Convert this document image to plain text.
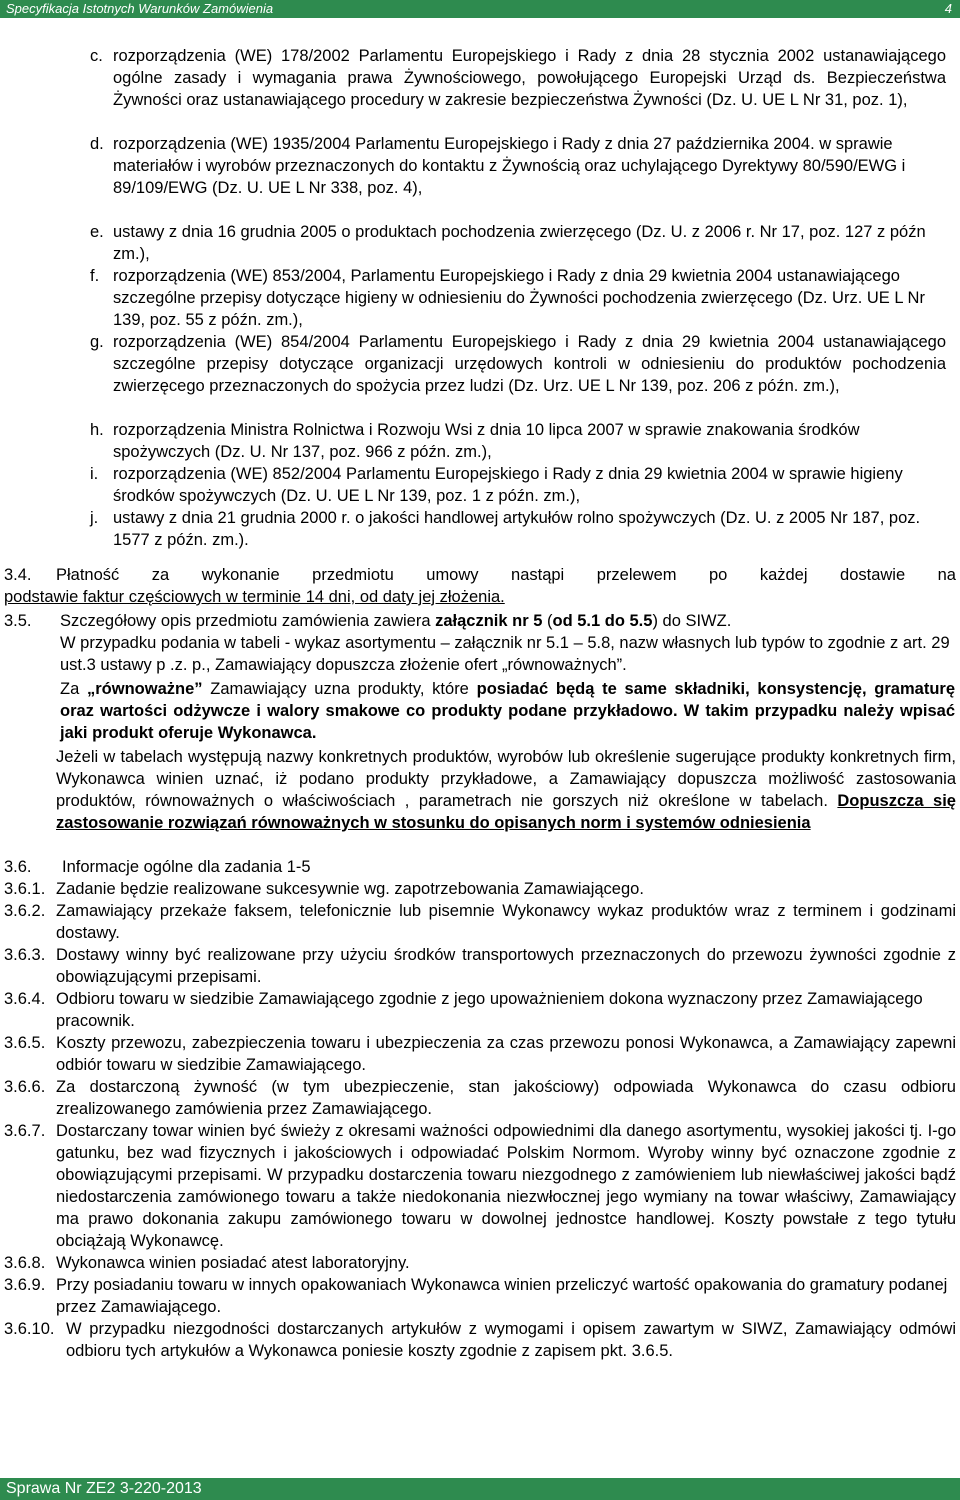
Specyfikacja Istotnych Warunków Zamówienia	4
c. rozporządzenia (WE) 178/2002 Parlamentu Europejskiego i Rady z dnia 28 stycznia 2002 ustanawiającego ogólne zasady i wymagania prawa Żywnościowego, powołującego Europejski Urząd ds. Bezpieczeństwa Żywności oraz ustanawiającego procedury w zakresie bezpieczeństwa Żywności (Dz. U. UE L Nr 31, poz. 1),
d. rozporządzenia (WE) 1935/2004 Parlamentu Europejskiego i Rady z dnia 27 października 2004. w sprawie materiałów i wyrobów przeznaczonych do kontaktu z Żywnością oraz uchylającego Dyrektywy 80/590/EWG i 89/109/EWG (Dz. U. UE L Nr 338, poz. 4),
e. ustawy z dnia 16 grudnia 2005 o produktach pochodzenia zwierzęcego (Dz. U. z 2006 r. Nr 17, poz. 127 z późn zm.),
f. rozporządzenia (WE) 853/2004, Parlamentu Europejskiego i Rady z dnia 29 kwietnia 2004 ustanawiającego szczególne przepisy dotyczące higieny w odniesieniu do Żywności pochodzenia zwierzęcego (Dz. Urz. UE L Nr 139, poz. 55 z późn. zm.),
g. rozporządzenia (WE) 854/2004 Parlamentu Europejskiego i Rady z dnia 29 kwietnia 2004 ustanawiającego szczególne przepisy dotyczące organizacji urzędowych kontroli w odniesieniu do produktów pochodzenia zwierzęcego przeznaczonych do spożycia przez ludzi (Dz. Urz. UE L Nr 139, poz. 206 z późn. zm.),
h. rozporządzenia Ministra Rolnictwa i Rozwoju Wsi z dnia 10 lipca 2007 w sprawie znakowania środków spożywczych (Dz. U. Nr 137, poz. 966 z późn. zm.),
i. rozporządzenia (WE) 852/2004 Parlamentu Europejskiego i Rady z dnia 29 kwietnia 2004 w sprawie higieny środków spożywczych (Dz. U. UE L Nr 139, poz. 1 z późn. zm.),
j. ustawy z dnia 21 grudnia 2000 r. o jakości handlowej artykułów rolno spożywczych (Dz. U. z 2005 Nr 187, poz. 1577 z późn. zm.).
3.4. Płatność za wykonanie przedmiotu umowy nastąpi przelewem po każdej dostawie na
podstawie faktur częściowych w terminie 14 dni, od daty jej złożenia.
3.5. Szczegółowy opis przedmiotu zamówienia zawiera załącznik nr 5 (od 5.1 do 5.5) do SIWZ.
W przypadku podania w tabeli - wykaz asortymentu – załącznik nr 5.1 – 5.8, nazw własnych lub typów to zgodnie z art. 29 ust.3 ustawy p .z. p., Zamawiający dopuszcza złożenie ofert „równoważnych”.
Za „równoważne” Zamawiający uzna produkty, które posiadać będą te same składniki, konsystencję, gramaturę oraz wartości odżywcze i walory smakowe co produkty podane przykładowo. W takim przypadku należy wpisać jaki produkt oferuje Wykonawca.
Jeżeli w tabelach występują nazwy konkretnych produktów, wyrobów lub określenie sugerujące produkty konkretnych firm, Wykonawca winien uznać, iż podano produkty przykładowe, a Zamawiający dopuszcza możliwość zastosowania produktów, równoważnych o właściwościach , parametrach nie gorszych niż określone w tabelach. Dopuszcza się zastosowanie rozwiązań równoważnych w stosunku do opisanych norm i systemów odniesienia
3.6. Informacje ogólne dla zadania 1-5
3.6.1. Zadanie będzie realizowane sukcesywnie wg. zapotrzebowania Zamawiającego.
3.6.2. Zamawiający przekaże faksem, telefonicznie lub pisemnie Wykonawcy wykaz produktów wraz z terminem i godzinami dostawy.
3.6.3. Dostawy winny być realizowane przy użyciu środków transportowych przeznaczonych do przewozu żywności zgodnie z obowiązującymi przepisami.
3.6.4. Odbioru towaru w siedzibie Zamawiającego zgodnie z jego upoważnieniem dokona wyznaczony przez Zamawiającego pracownik.
3.6.5. Koszty przewozu, zabezpieczenia towaru i ubezpieczenia za czas przewozu ponosi Wykonawca, a Zamawiający zapewni odbiór towaru w siedzibie Zamawiającego.
3.6.6. Za dostarczoną żywność (w tym ubezpieczenie, stan jakościowy) odpowiada Wykonawca do czasu odbioru zrealizowanego zamówienia przez Zamawiającego.
3.6.7. Dostarczany towar winien być świeży z okresami ważności odpowiednimi dla danego asortymentu, wysokiej jakości tj. I-go gatunku, bez wad fizycznych i jakościowych i odpowiadać Polskim Normom. Wyroby winny być oznaczone zgodnie z obowiązującymi przepisami. W przypadku dostarczenia towaru niezgodnego z zamówieniem lub niewłaściwej jakości bądź niedostarczenia zamówionego towaru a także niedokonania niezwłocznej jego wymiany na towar właściwy, Zamawiający ma prawo dokonania zakupu zamówionego towaru w dowolnej jednostce handlowej. Koszty powstałe z tego tytułu obciążają Wykonawcę.
3.6.8. Wykonawca winien posiadać atest laboratoryjny.
3.6.9. Przy posiadaniu towaru w innych opakowaniach Wykonawca winien przeliczyć wartość opakowania do gramatury podanej przez Zamawiającego.
3.6.10. W przypadku niezgodności dostarczanych artykułów z wymogami i opisem zawartym w SIWZ, Zamawiający odmówi odbioru tych artykułów a Wykonawca poniesie koszty zgodnie z zapisem pkt. 3.6.5.
Sprawa Nr ZE2 3-220-2013
